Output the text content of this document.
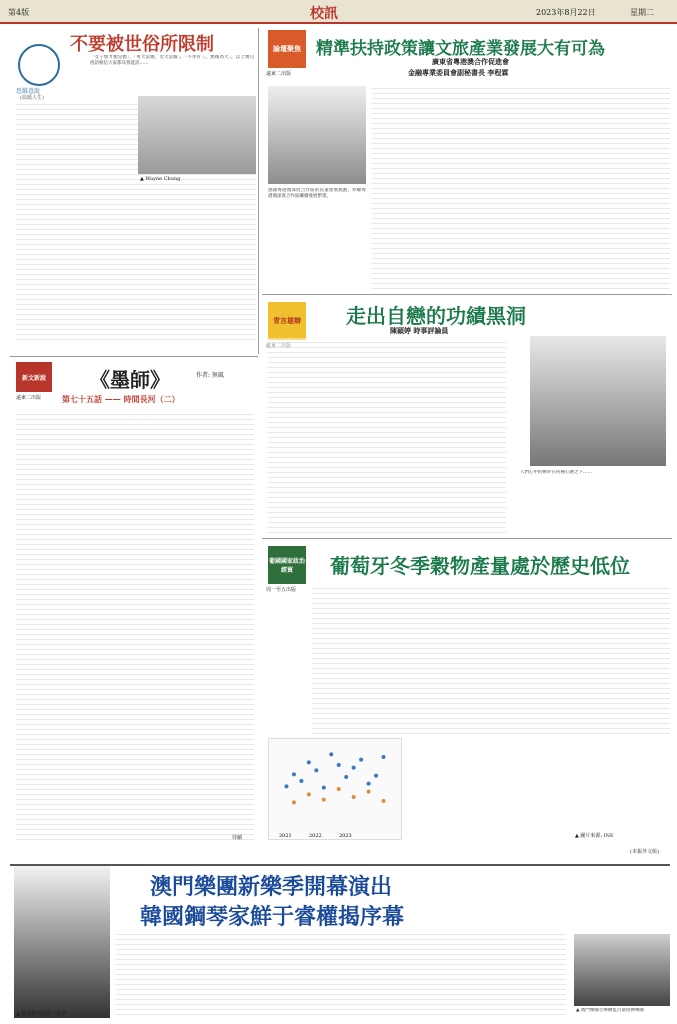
第4版	校訊	2023年8月22日	星期二
不要被世俗所限制
思維意說
(温暖人生)
「女子無才便是德」、「男大當婚，女大當嫁」，「不孝有三，無後為大」。以上幾句俗語相信大家都耳熟能詳……
▲ Wayne Chung
論壇聚焦
遠東二出版
精準扶持政策讓文旅產業發展大有可為
廣東省粵港澳合作促進會
金融專業委員會副秘書長 李程霖
感謝粵港澳深度合作區的長遠發展規劃，亦願粵港澳深度合作區繼續發展繁榮。
青言雄辯
遠東二出版
走出自戀的功績黑洞
陳穎婷 時事評論員
人們心中的嫉妒在何種心態之下……
新文新說
遠東二出版
《墨師》	作者: 無風
第七十五話 —— 時間長河（二）
待續
葡國國家政治經貿
周一至五出版
葡萄牙冬季穀物產量處於歷史低位
2021	2022	2023	▲ 圖片來源: INE
(本報外文組)
澳門樂團新樂季開幕演出
韓國鋼琴家鮮于睿權揭序幕
▲ 韓國鋼琴家鮮于睿權
▲ 澳門樂團音樂總監呂嘉指揮樂團
